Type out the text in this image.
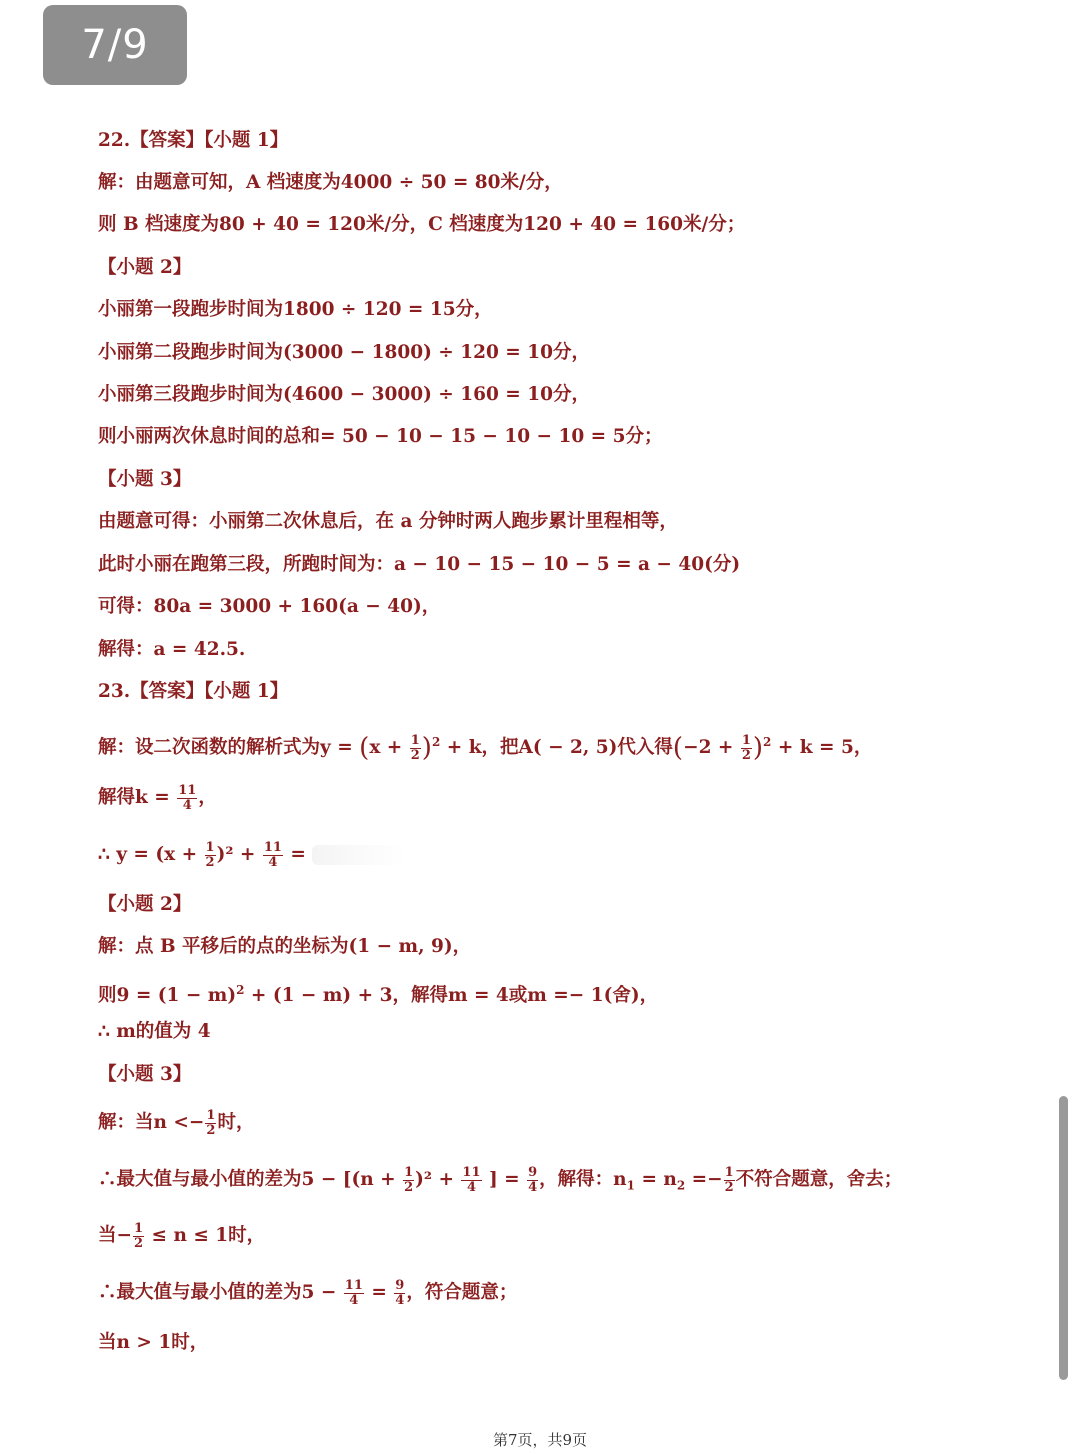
7/9
22.【答案】【小题 1】
解：由题意可知，A 档速度为4000 ÷ 50 = 80米/分，
则 B 档速度为80 + 40 = 120米/分，C 档速度为120 + 40 = 160米/分；
【小题 2】
小丽第一段跑步时间为1800 ÷ 120 = 15分，
小丽第二段跑步时间为(3000 − 1800) ÷ 120 = 10分，
小丽第三段跑步时间为(4600 − 3000) ÷ 160 = 10分，
则小丽两次休息时间的总和= 50 − 10 − 15 − 10 − 10 = 5分；
【小题 3】
由题意可得：小丽第二次休息后，在 a 分钟时两人跑步累计里程相等，
此时小丽在跑第三段，所跑时间为：a − 10 − 15 − 10 − 5 = a − 40(分)
可得：80a = 3000 + 160(a − 40)，
解得：a = 42.5.
23.【答案】【小题 1】
解：设二次函数的解析式为$y = (x + \frac{1}{2} )^2 + k$，把A( − 2, 5)代入得$(-2 + \frac{1}{2} )^2 + k = 5$，
解得$k = \frac{11}{4}$ ，
∴ $y = (x + \frac{1}{2} )^2 + \frac{11}{4}$ =
【小题 2】
解：点 B 平移后的点的坐标为(1 − m, 9)，
则$9 = (1 - m)^2 + (1 - m) + 3$，解得m = 4或m =− 1(舍)，
∴ m的值为 4
【小题 3】
解：当$n <- \frac{1}{2}$ 时，
∴最大值与最小值的差为$5 - [(n + \frac{1}{2} )^2 + \frac{11}{4}$ ] = $\frac{9}{4}$ ，解得：$n_1 = n_2 =- \frac{1}{2}$ 不符合题意，舍去；
当− $\frac{1}{2} \le n \le 1$时，
∴最大值与最小值的差为$5 - \frac{11}{4} = \frac{9}{4}$ ，符合题意；
当n > 1时，
第7页，共9页
